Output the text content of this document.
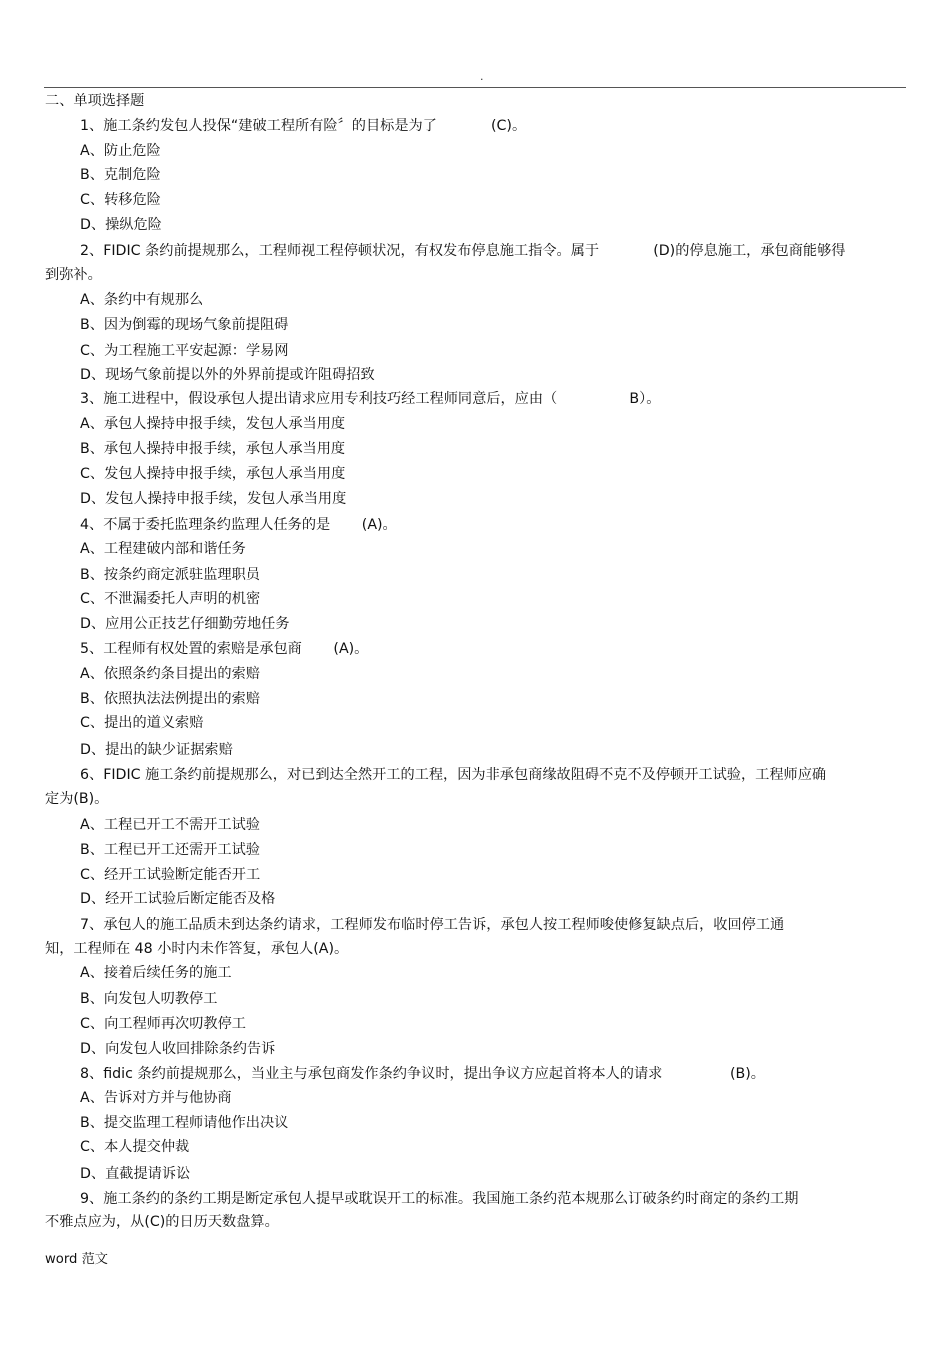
.
二、单项选择题
1、施工条约发包人投保“建破工程所有险〞的目标是为了            (C)。
A、防止危险
B、克制危险
C、转移危险
D、操纵危险
2、FIDIC 条约前提规那么，工程师视工程停顿状况，有权发布停息施工指令。属于            (D)的停息施工，承包商能够得
到弥补。
A、条约中有规那么
B、因为倒霉的现场气象前提阻碍
C、为工程施工平安起源：学易网
D、现场气象前提以外的外界前提或许阻碍招致
3、施工进程中，假设承包人提出请求应用专利技巧经工程师同意后，应由（                B）。
A、承包人操持申报手续，发包人承当用度
B、承包人操持申报手续，承包人承当用度
C、发包人操持申报手续，承包人承当用度
D、发包人操持申报手续，发包人承当用度
4、不属于委托监理条约监理人任务的是       (A)。
A、工程建破内部和谐任务
B、按条约商定派驻监理职员
C、不泄漏委托人声明的机密
D、应用公正技艺仔细勤劳地任务
5、工程师有权处置的索赔是承包商       (A)。
A、依照条约条目提出的索赔
B、依照执法法例提出的索赔
C、提出的道义索赔
D、提出的缺少证据索赔
6、FIDIC 施工条约前提规那么，对已到达全然开工的工程，因为非承包商缘故阻碍不克不及停顿开工试验，工程师应确
定为(B)。
A、工程已开工不需开工试验
B、工程已开工还需开工试验
C、经开工试验断定能否开工
D、经开工试验后断定能否及格
7、承包人的施工品质未到达条约请求，工程师发布临时停工告诉，承包人按工程师唆使修复缺点后，收回停工通
知，工程师在 48 小时内未作答复，承包人(A)。
A、接着后续任务的施工
B、向发包人叨教停工
C、向工程师再次叨教停工
D、向发包人收回排除条约告诉
8、fidic 条约前提规那么，当业主与承包商发作条约争议时，提出争议方应起首将本人的请求               (B)。
A、告诉对方并与他协商
B、提交监理工程师请他作出决议
C、本人提交仲裁
D、直截提请诉讼
9、施工条约的条约工期是断定承包人提早或耽误开工的标准。我国施工条约范本规那么订破条约时商定的条约工期
不雅点应为，从(C)的日历天数盘算。
word 范文
